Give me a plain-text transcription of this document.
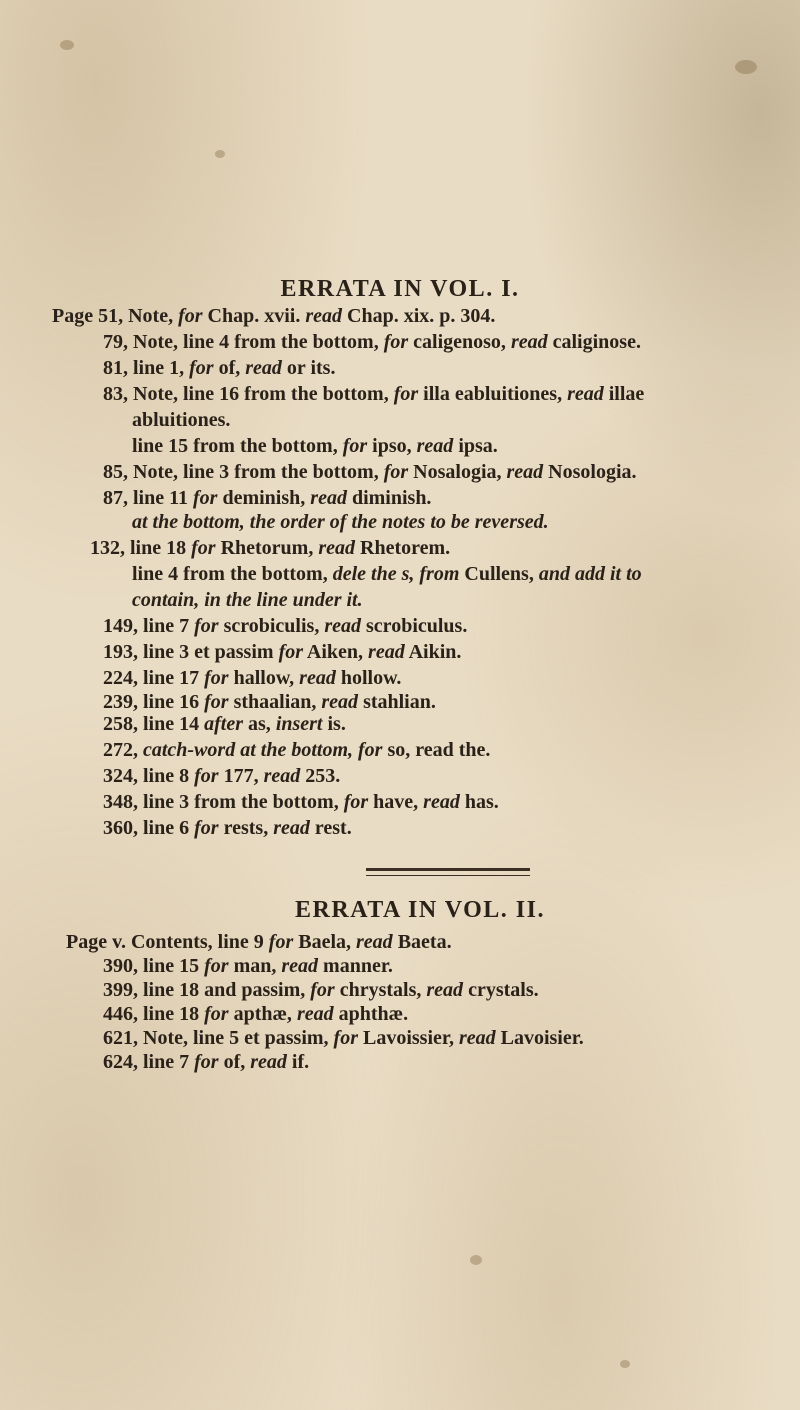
ERRATA IN VOL. I.
Page 51, Note, for Chap. xvii. read Chap. xix. p. 304.
79, Note, line 4 from the bottom, for caligenoso, read caliginose.
81, line 1, for of, read or its.
83, Note, line 16 from the bottom, for illa eabluitiones, read illae
abluitiones.
line 15 from the bottom, for ipso, read ipsa.
85, Note, line 3 from the bottom, for Nosalogia, read Nosologia.
87, line 11 for deminish, read diminish.
at the bottom, the order of the notes to be reversed.
132, line 18 for Rhetorum, read Rhetorem.
line 4 from the bottom, dele the s, from Cullens, and add it to
contain, in the line under it.
149, line 7 for scrobiculis, read scrobiculus.
193, line 3 et passim for Aiken, read Aikin.
224, line 17 for hallow, read hollow.
239, line 16 for sthaalian, read stahlian.
258, line 14 after as, insert is.
272, catch-word at the bottom, for so, read the.
324, line 8 for 177, read 253.
348, line 3 from the bottom, for have, read has.
360, line 6 for rests, read rest.
ERRATA IN VOL. II.
Page v. Contents, line 9 for Baela, read Baeta.
390, line 15 for man, read manner.
399, line 18 and passim, for chrystals, read crystals.
446, line 18 for apthæ, read aphthæ.
621, Note, line 5 et passim, for Lavoissier, read Lavoisier.
624, line 7 for of, read if.
